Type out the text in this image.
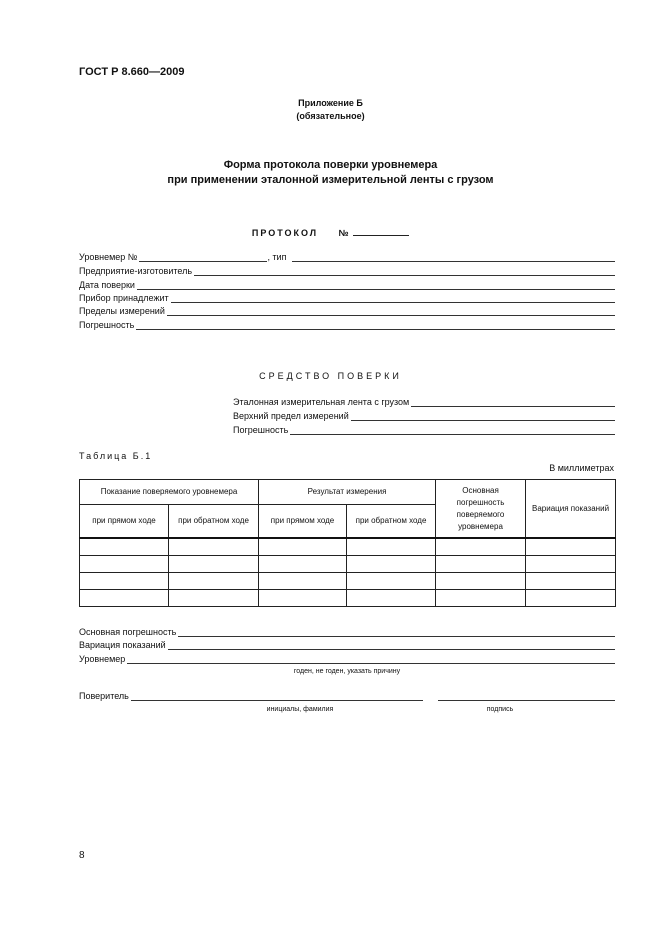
ГОСТ Р 8.660—2009
Приложение Б
(обязательное)
Форма протокола поверки уровнемера
при применении эталонной измерительной ленты с грузом
ПРОТОКОЛ №
Уровнемер №	, тип
Предприятие-изготовитель
Дата поверки
Прибор принадлежит
Пределы измерений
Погрешность
СРЕДСТВО ПОВЕРКИ
Эталонная измерительная лента с грузом
Верхний предел измерений
Погрешность
Таблица Б.1
В миллиметрах
Показание поверяемого уровнемера		Результат измерения		Основная погрешность поверяемого уровнемера	Вариация показаний
при прямом ходе	при обратном ходе	при прямом ходе	при обратном ходе		

Основная погрешность
Вариация показаний
Уровнемер
годен, не годен, указать причину
Поверитель
инициалы, фамилия	подпись
8
